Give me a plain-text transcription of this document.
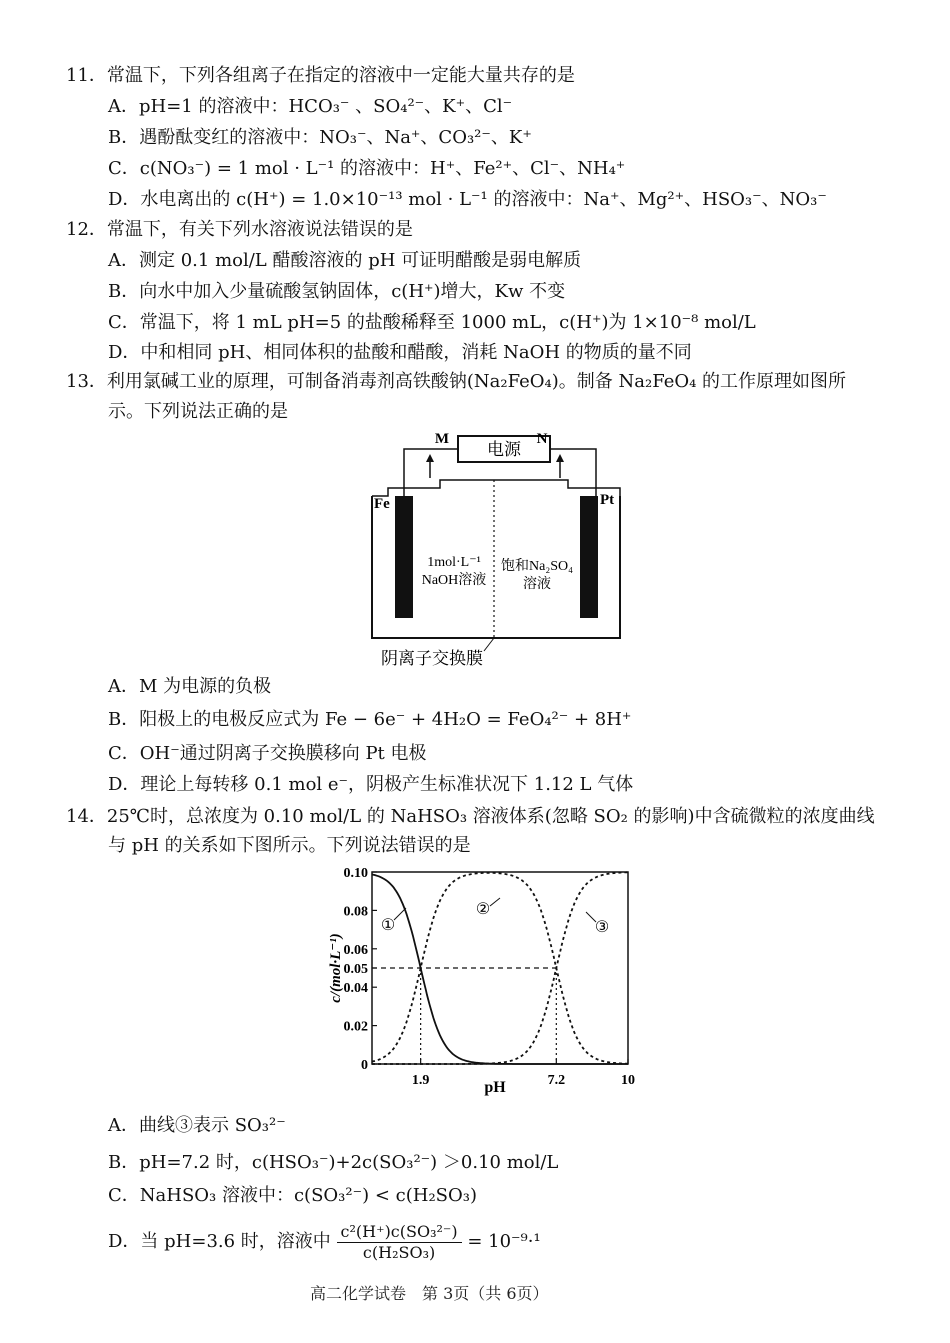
11．常温下，下列各组离子在指定的溶液中一定能大量共存的是
A．pH=1 的溶液中：HCO₃⁻ 、SO₄²⁻、K⁺、Cl⁻
B．遇酚酞变红的溶液中：NO₃⁻、Na⁺、CO₃²⁻、K⁺
C．c(NO₃⁻) = 1 mol · L⁻¹ 的溶液中：H⁺、Fe²⁺、Cl⁻、NH₄⁺
D．水电离出的 c(H⁺) = 1.0×10⁻¹³ mol · L⁻¹ 的溶液中：Na⁺、Mg²⁺、HSO₃⁻、NO₃⁻
12．常温下，有关下列水溶液说法错误的是
A．测定 0.1 mol/L 醋酸溶液的 pH 可证明醋酸是弱电解质
B．向水中加入少量硫酸氢钠固体，c(H⁺)增大，Kw 不变
C．常温下，将 1 mL pH=5 的盐酸稀释至 1000 mL，c(H⁺)为 1×10⁻⁸ mol/L
D．中和相同 pH、相同体积的盐酸和醋酸，消耗 NaOH 的物质的量不同
13．利用氯碱工业的原理，可制备消毒剂高铁酸钠(Na₂FeO₄)。制备 Na₂FeO₄ 的工作原理如图所
示。下列说法正确的是
电源
M	N
Fe	Pt
1mol·L⁻¹
NaOH溶液
饱和Na₂SO₄
溶液
阴离子交换膜
A．M 为电源的负极
B．阳极上的电极反应式为 Fe − 6e⁻ + 4H₂O = FeO₄²⁻ + 8H⁺
C．OH⁻通过阴离子交换膜移向 Pt 电极
D．理论上每转移 0.1 mol e⁻，阴极产生标准状况下 1.12 L 气体
14．25℃时，总浓度为 0.10 mol/L 的 NaHSO₃ 溶液体系(忽略 SO₂ 的影响)中含硫微粒的浓度曲线
与 pH 的关系如下图所示。下列说法错误的是
0
0.02
0.04
0.05
0.06
0.08
0.10
1.9	7.2	10
c/(mol·L⁻¹)
pH
①
②
③
A．曲线③表示 SO₃²⁻
B．pH=7.2 时，c(HSO₃⁻)+2c(SO₃²⁻) ＞0.10 mol/L
C．NaHSO₃ 溶液中：c(SO₃²⁻) < c(H₂SO₃)
D．当 pH=3.6 时，溶液中 $\frac{\text{c²(H⁺)c(SO₃²⁻)}}{\text{c(H₂SO₃)}} = 10^{-9}\cdot^1$
高二化学试卷　第 3页（共 6页）
